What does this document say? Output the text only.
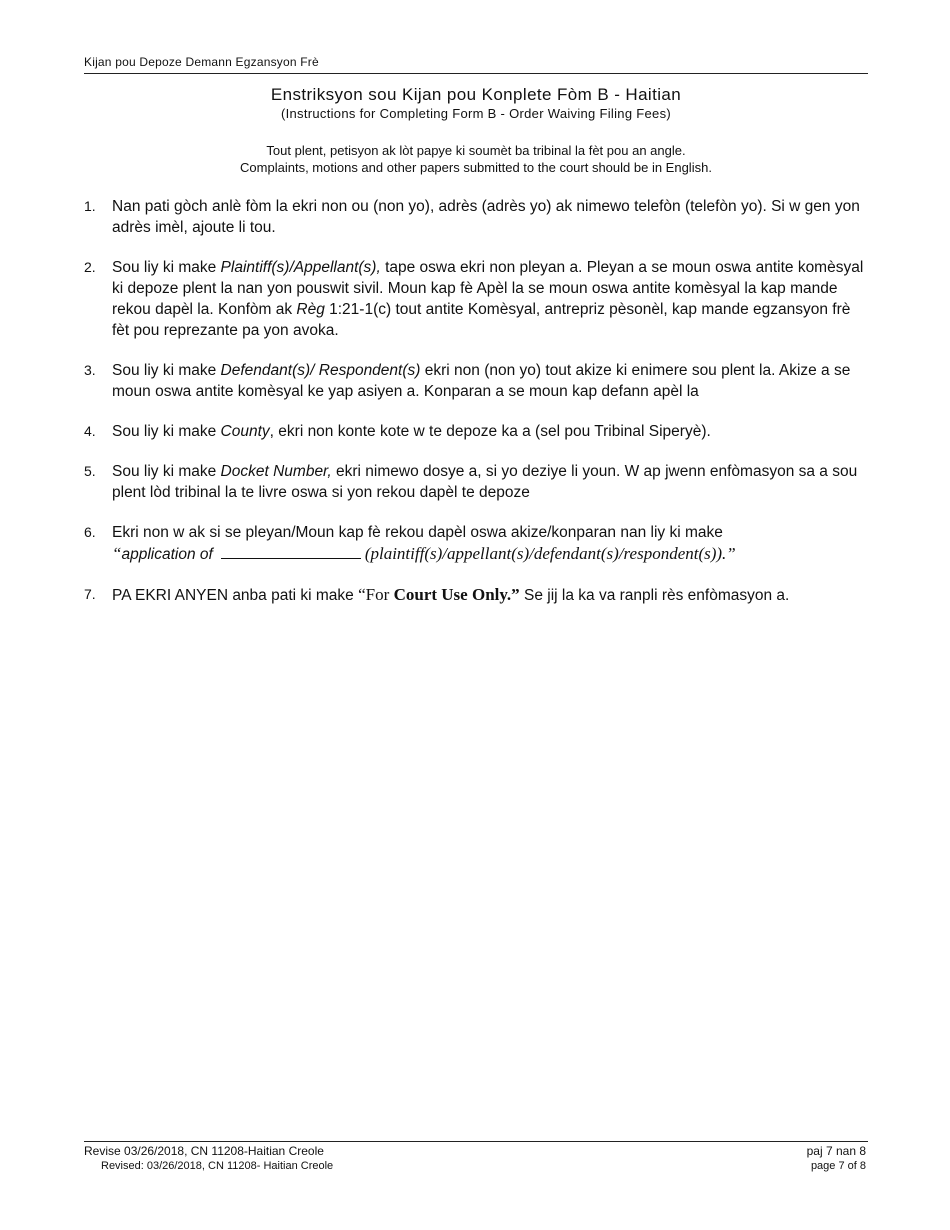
Kijan pou Depoze Demann Egzansyon Frè
Enstriksyon sou Kijan pou Konplete Fòm B - Haitian
(Instructions for Completing Form B - Order Waiving Filing Fees)
Tout plent, petisyon ak lòt papye ki soumèt ba tribinal la fèt pou an angle.
Complaints, motions and other papers submitted to the court should be in English.
1. Nan pati gòch anlè fòm la ekri non ou (non yo), adrès (adrès yo) ak nimewo telefòn (telefòn yo). Si w gen yon adrès imèl, ajoute li tou.
2. Sou liy ki make Plaintiff(s)/Appellant(s), tape oswa ekri non pleyan a. Pleyan a se moun oswa antite komèsyal ki depoze plent la nan yon pouswit sivil. Moun kap fè Apèl la se moun oswa antite komèsyal la kap mande rekou dapèl la. Konfòm ak Règ 1:21-1(c) tout antite Komèsyal, antrepriz pèsonèl, kap mande egzansyon frè fèt pou reprezante pa yon avoka.
3. Sou liy ki make Defendant(s)/ Respondent(s) ekri non (non yo) tout akize ki enimere sou plent la. Akize a se moun oswa antite komèsyal ke yap asiyen a. Konparan a se moun kap defann apèl la
4. Sou liy ki make County, ekri non konte kote w te depoze ka a (sel pou Tribinal Siperyè).
5. Sou liy ki make Docket Number, ekri nimewo dosye a, si yo deziye li youn. W ap jwenn enfòmasyon sa a sou plent lòd tribinal la te livre oswa si yon rekou dapèl te depoze
6. Ekri non w ak si se pleyan/Moun kap fè rekou dapèl oswa akize/konparan nan liy ki make
“application of	(plaintiff(s)/appellant(s)/defendant(s)/respondent(s)).”
7. PA EKRI ANYEN anba pati ki make “For Court Use Only.” Se jij la ka va ranpli rès enfòmasyon a.
Revise 03/26/2018, CN 11208-Haitian Creole
Revised: 03/26/2018, CN 11208- Haitian Creole
paj 7 nan 8
page 7 of 8
